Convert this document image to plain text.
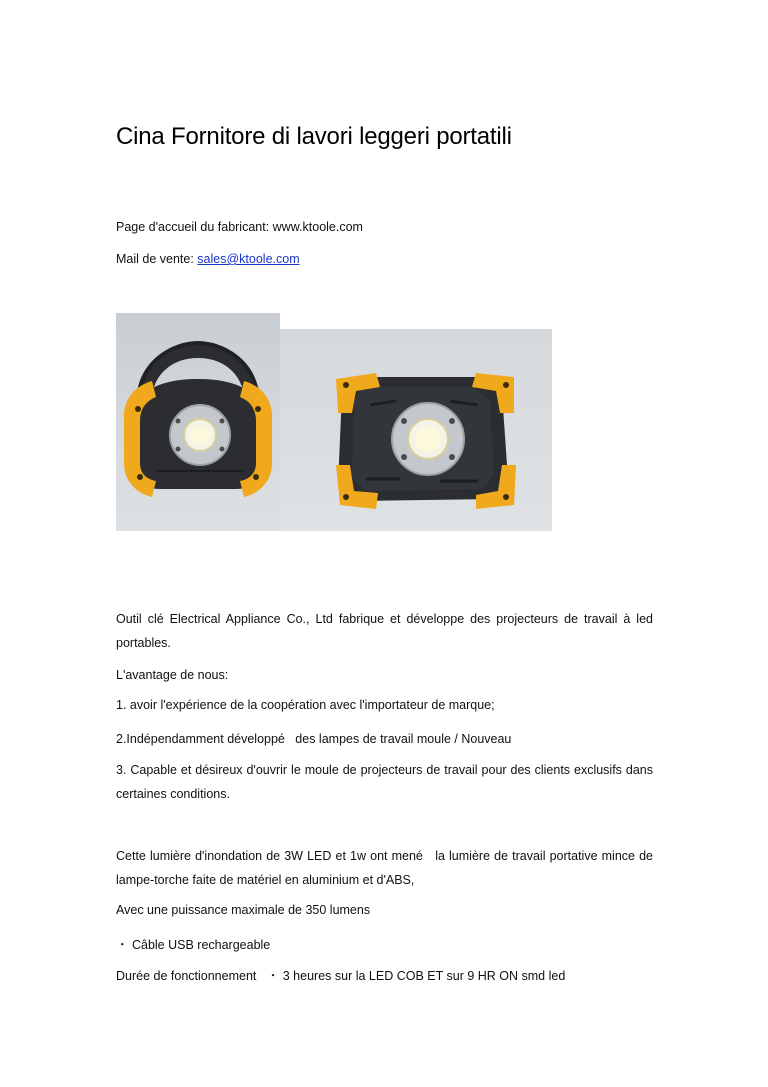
Cina Fornitore di lavori leggeri portatili

Page d'accueil du fabricant: www.ktoole.com

Mail de vente: sales@ktoole.com

Outil clé Electrical Appliance Co., Ltd fabrique et développe des projecteurs de travail à led portables.

L'avantage de nous:

1. avoir l'expérience de la coopération avec l'importateur de marque;

2.Indépendamment développé   des lampes de travail moule / Nouveau

3. Capable et désireux d'ouvrir le moule de projecteurs de travail pour des clients exclusifs dans certaines conditions.

Cette lumière d'inondation de 3W LED et 1w ont mené   la lumière de travail portative mince de lampe-torche faite de matériel en aluminium et d'ABS,

Avec une puissance maximale de 350 lumens

・ Câble USB rechargeable

Durée de fonctionnement   ・ 3 heures sur la LED COB ET sur 9 HR ON smd led
